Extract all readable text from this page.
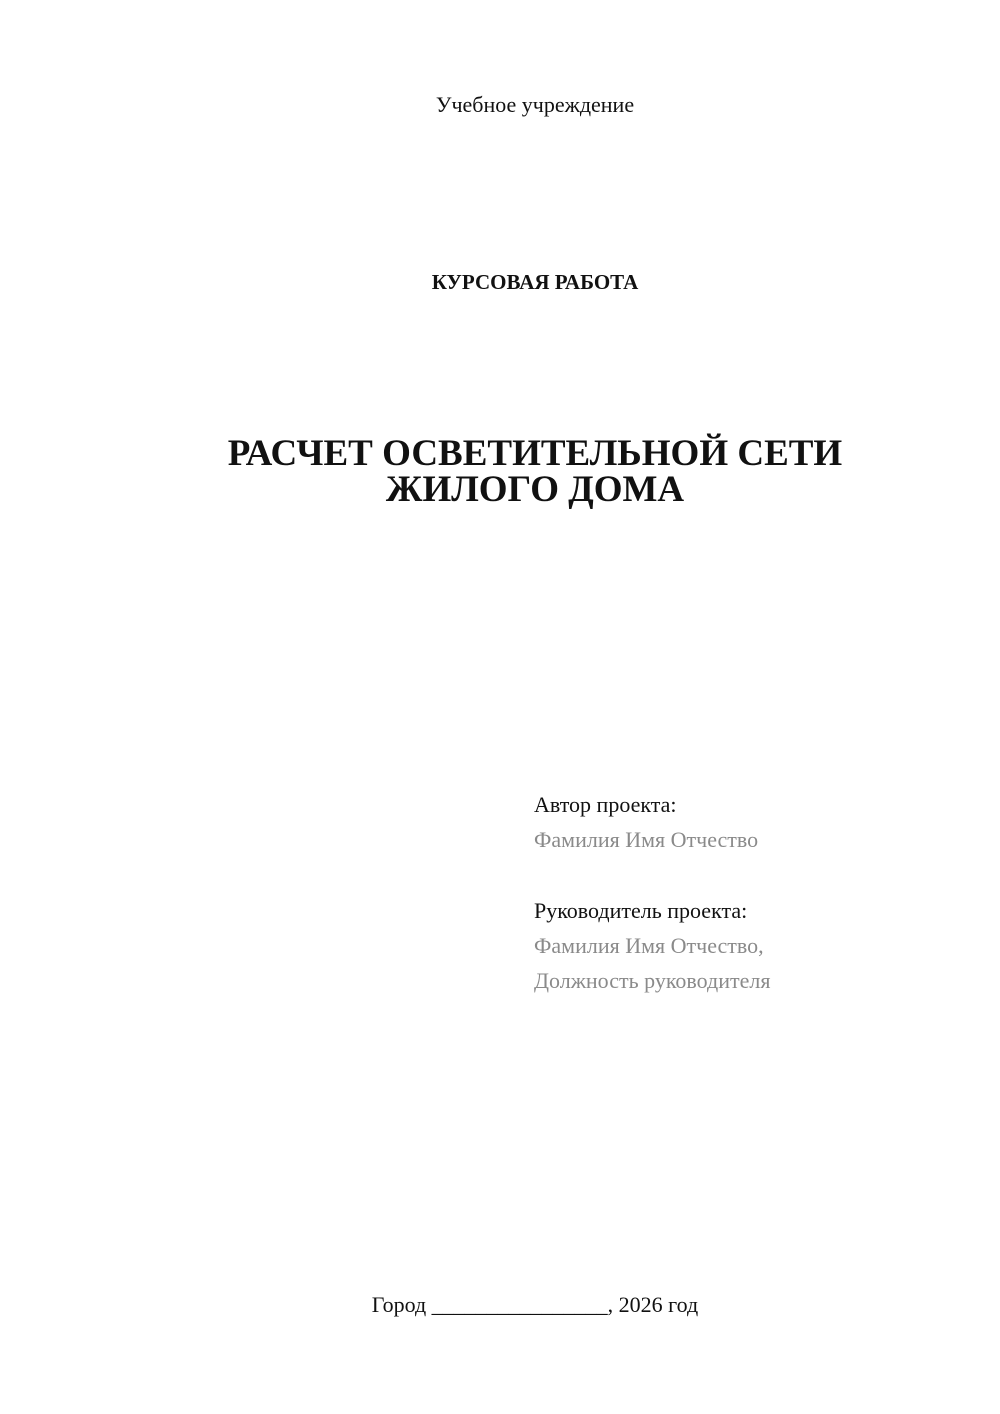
Учебное учреждение
КУРСОВАЯ РАБОТА
РАСЧЕТ ОСВЕТИТЕЛЬНОЙ СЕТИ
ЖИЛОГО ДОМА
Автор проекта:
Фамилия Имя Отчество
Руководитель проекта:
Фамилия Имя Отчество,
Должность руководителя
Город ________________, 2026 год
